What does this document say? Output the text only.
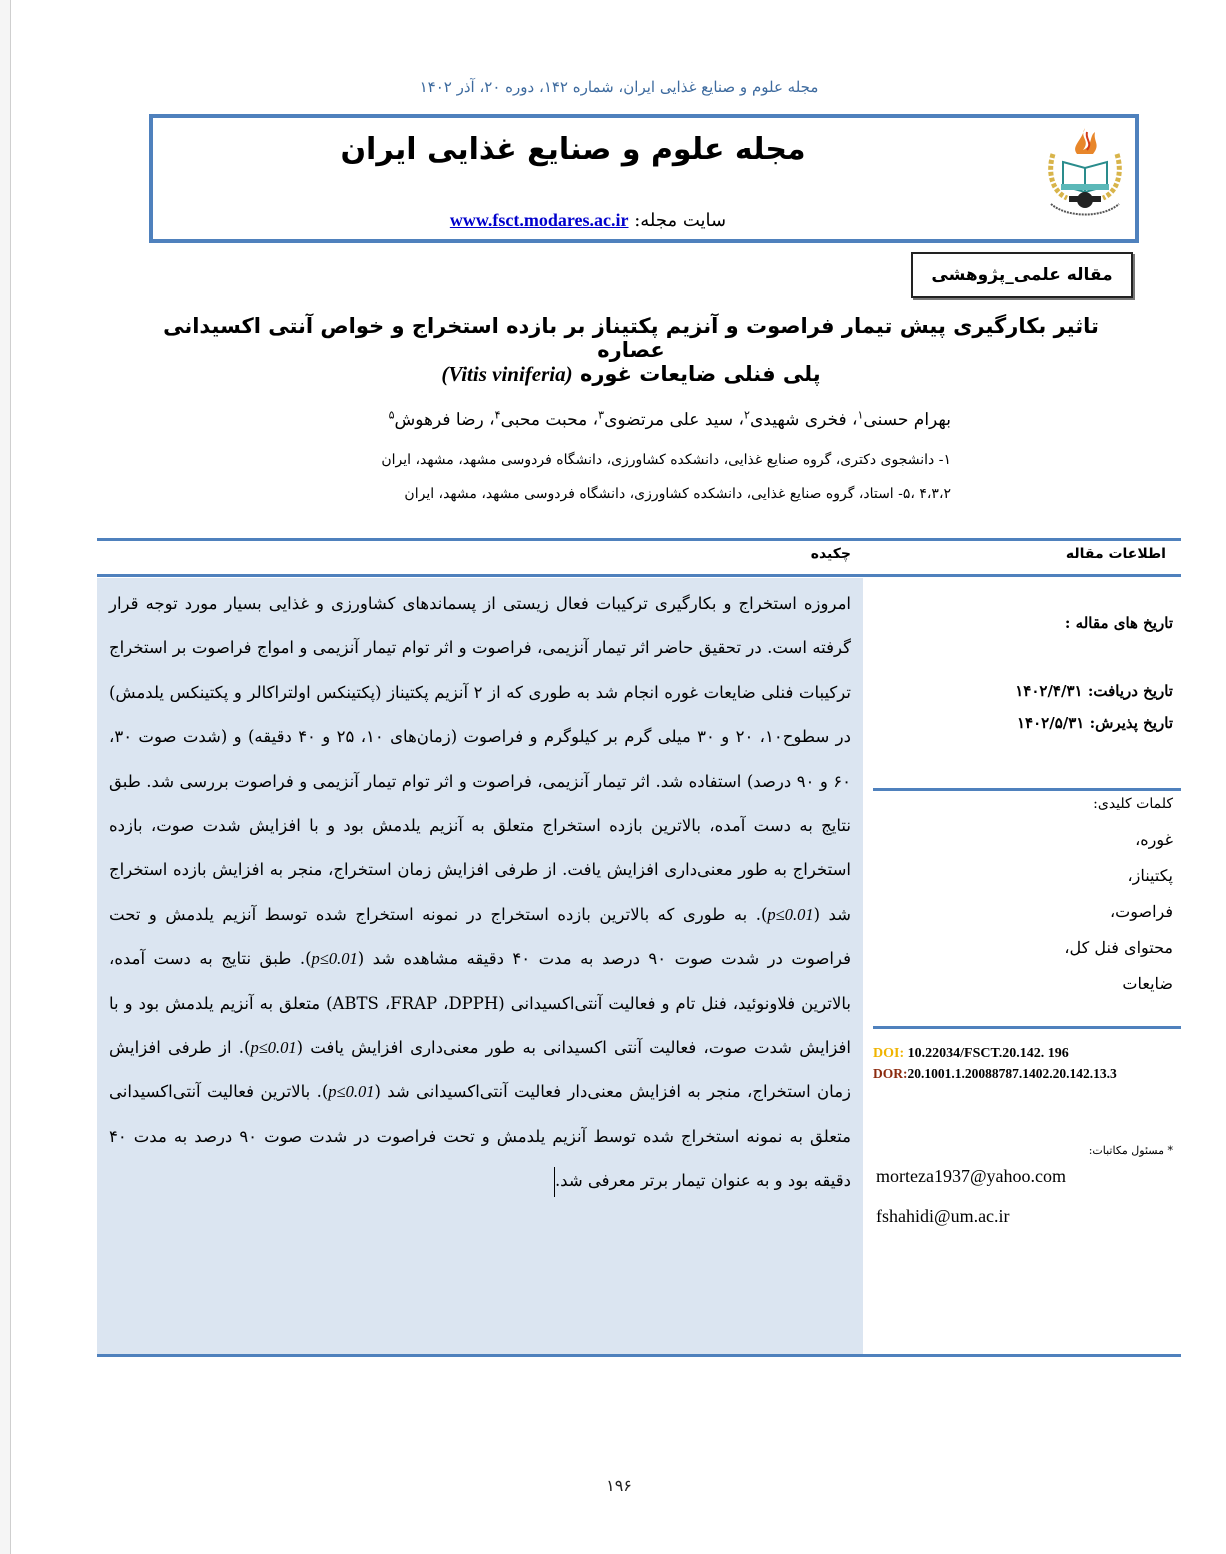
مجله علوم و صنایع غذایی ایران، شماره ۱۴۲، دوره ۲۰، آذر ۱۴۰۲
مجله علوم و صنایع غذایی ایران
سایت مجله: www.fsct.modares.ac.ir
مقاله علمی_پژوهشی
تاثیر بکارگیری پیش تیمار فراصوت و آنزیم پکتیناز بر بازده استخراج و خواص آنتی اکسیدانی عصاره
پلی فنلی ضایعات غوره (Vitis viniferia)
بهرام حسنی$^۱$، فخری شهیدی$^۲$، سید علی مرتضوی$^۳$، محبت محبی$^۴$، رضا فرهوش$^۵$
۱- دانشجوی دکتری، گروه صنایع غذایی، دانشکده کشاورزی، دانشگاه فردوسی مشهد، مشهد، ایران
۴،۳،۲ ،۵- استاد، گروه صنایع غذایی، دانشکده کشاورزی، دانشگاه فردوسی مشهد، مشهد، ایران
اطلاعات مقاله
چکیده
امروزه استخراج و بکارگیری ترکیبات فعال زیستی از پسماندهای کشاورزی و غذایی بسیار مورد توجه قرار گرفته است. در تحقیق حاضر اثر تیمار آنزیمی، فراصوت و اثر توام تیمار آنزیمی و امواج فراصوت بر استخراج ترکیبات فنلی ضایعات غوره انجام شد به طوری که از ۲ آنزیم پکتیناز (پکتینکس اولتراکالر و پکتینکس یلدمش) در سطوح۱۰، ۲۰ و ۳۰ میلی گرم بر کیلوگرم و فراصوت (زمان‌های ۱۰، ۲۵ و ۴۰ دقیقه) و (شدت صوت ۳۰، ۶۰ و ۹۰ درصد) استفاده شد. اثر تیمار آنزیمی، فراصوت و اثر توام تیمار آنزیمی و فراصوت بررسی شد. طبق نتایج به دست آمده، بالاترین بازده استخراج متعلق به آنزیم یلدمش بود و با افزایش شدت صوت، بازده استخراج به طور معنی‌داری افزایش یافت. از طرفی افزایش زمان استخراج، منجر به افزایش بازده استخراج شد (p≤0.01). به طوری که بالاترین بازده استخراج در نمونه استخراج شده توسط آنزیم یلدمش و تحت فراصوت در شدت صوت ۹۰ درصد به مدت ۴۰ دقیقه مشاهده شد (p≤0.01). طبق نتایج به دست آمده، بالاترین فلاونوئید، فنل تام و فعالیت آنتی‌اکسیدانی (ABTS ،FRAP ،DPPH) متعلق به آنزیم یلدمش بود و با افزایش شدت صوت، فعالیت آنتی اکسیدانی به طور معنی‌داری افزایش یافت (p≤0.01). از طرفی افزایش زمان استخراج، منجر به افزایش معنی‌دار فعالیت آنتی‌اکسیدانی شد (p≤0.01). بالاترین فعالیت آنتی‌اکسیدانی متعلق به نمونه استخراج شده توسط آنزیم یلدمش و تحت فراصوت در شدت صوت ۹۰ درصد به مدت ۴۰ دقیقه بود و به عنوان تیمار برتر معرفی شد.
تاریخ های مقاله :
تاریخ دریافت: ۱۴۰۲/۴/۳۱
تاریخ پذیرش: ۱۴۰۲/۵/۳۱
کلمات کلیدی:
غوره،
پکتیناز،
فراصوت،
محتوای فنل کل،
ضایعات
DOI: 10.22034/FSCT.20.142. 196
DOR:20.1001.1.20088787.1402.20.142.13.3
* مسئول مکاتبات:
morteza1937@yahoo.com
fshahidi@um.ac.ir
۱۹۶
